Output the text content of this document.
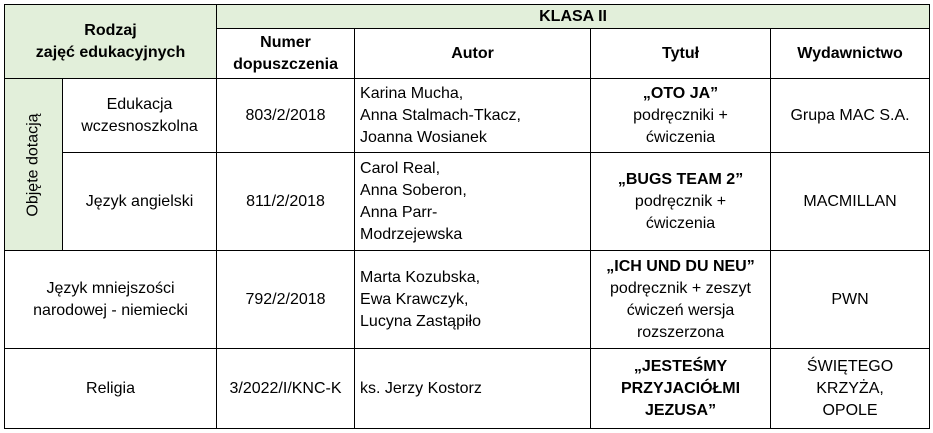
Rodzaj
zajęć edukacyjnych		KLASA II			

		Numer
dopuszczenia	Autor	Tytuł	Wydawnictwo

Objęte dotacją	Edukacja
wczesnoszkolna	803/2/2018	Karina Mucha,
Anna Stalmach-Tkacz,
Joanna Wosianek	„OTO JA”
podręczniki +
ćwiczenia	Grupa MAC S.A.

	Język angielski	811/2/2018	Carol Real,
Anna Soberon,
Anna Parr-
Modrzejewska	„BUGS TEAM 2”
podręcznik +
ćwiczenia	MACMILLAN

Język mniejszości
narodowej - niemiecki		792/2/2018	Marta Kozubska,
Ewa Krawczyk,
Lucyna Zastąpiło	„ICH UND DU NEU”
podręcznik + zeszyt
ćwiczeń wersja
rozszerzona	PWN

Religia		3/2022/I/KNC-K	ks. Jerzy Kostorz	„JESTEŚMY
PRZYJACIÓŁMI
JEZUSA”	ŚWIĘTEGO KRZYŻA,
OPOLE
